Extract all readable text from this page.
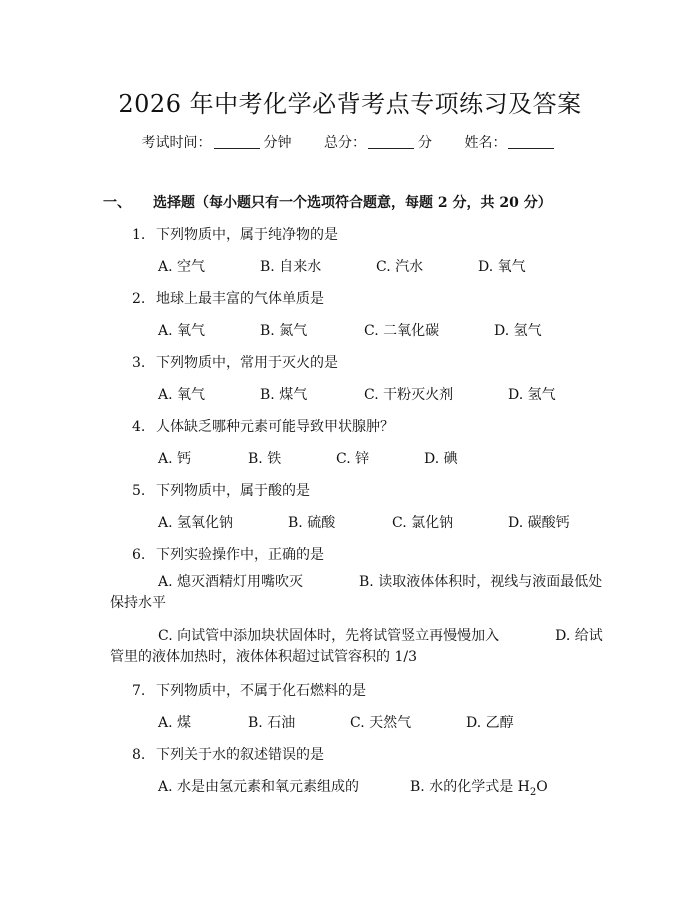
2026 年中考化学必背考点专项练习及答案
考试时间：	分钟 总分：	分 姓名：
一、 选择题（每小题只有一个选项符合题意，每题 2 分，共 20 分）
1. 下列物质中，属于纯净物的是
A. 空气	B. 自来水	C. 汽水	D. 氧气
2. 地球上最丰富的气体单质是
A. 氧气	B. 氮气	C. 二氧化碳	D. 氢气
3. 下列物质中，常用于灭火的是
A. 氧气	B. 煤气	C. 干粉灭火剂	D. 氢气
4. 人体缺乏哪种元素可能导致甲状腺肿？
A. 钙	B. 铁	C. 锌	D. 碘
5. 下列物质中，属于酸的是
A. 氢氧化钠	B. 硫酸	C. 氯化钠	D. 碳酸钙
6. 下列实验操作中，正确的是
A. 熄灭酒精灯用嘴吹灭　　　　B. 读取液体体积时，视线与液面最低处保持水平
C. 向试管中添加块状固体时，先将试管竖立再慢慢加入　　　　D. 给试管里的液体加热时，液体体积超过试管容积的 1/3
7. 下列物质中，不属于化石燃料的是
A. 煤	B. 石油	C. 天然气	D. 乙醇
8. 下列关于水的叙述错误的是
A. 水是由氢元素和氧元素组成的	B. 水的化学式是 $H_2O$
